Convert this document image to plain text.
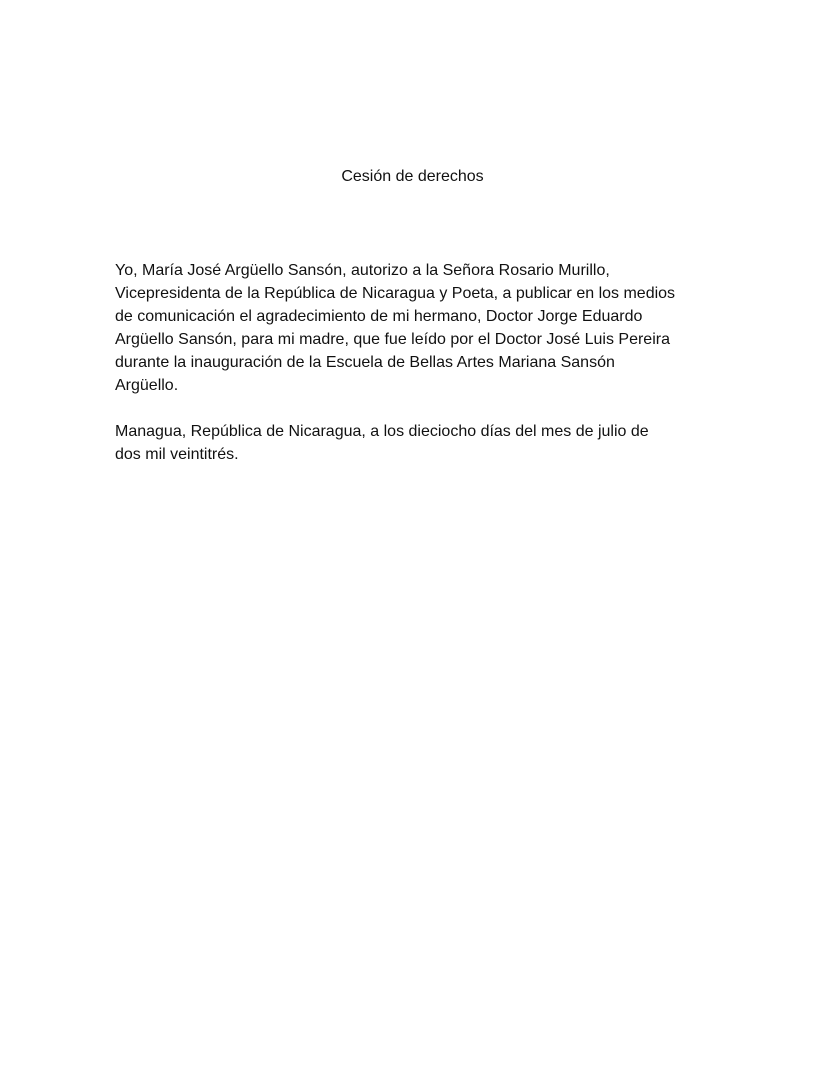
Cesión de derechos

Yo, María José Argüello Sansón, autorizo a la Señora Rosario Murillo,
Vicepresidenta de la República de Nicaragua y Poeta, a publicar en los medios
de comunicación el agradecimiento de mi hermano, Doctor Jorge Eduardo
Argüello Sansón, para mi madre, que fue leído por el Doctor José Luis Pereira
durante la inauguración de la Escuela de Bellas Artes Mariana Sansón
Argüello.

Managua, República de Nicaragua, a los dieciocho días del mes de julio de
dos mil veintitrés.
